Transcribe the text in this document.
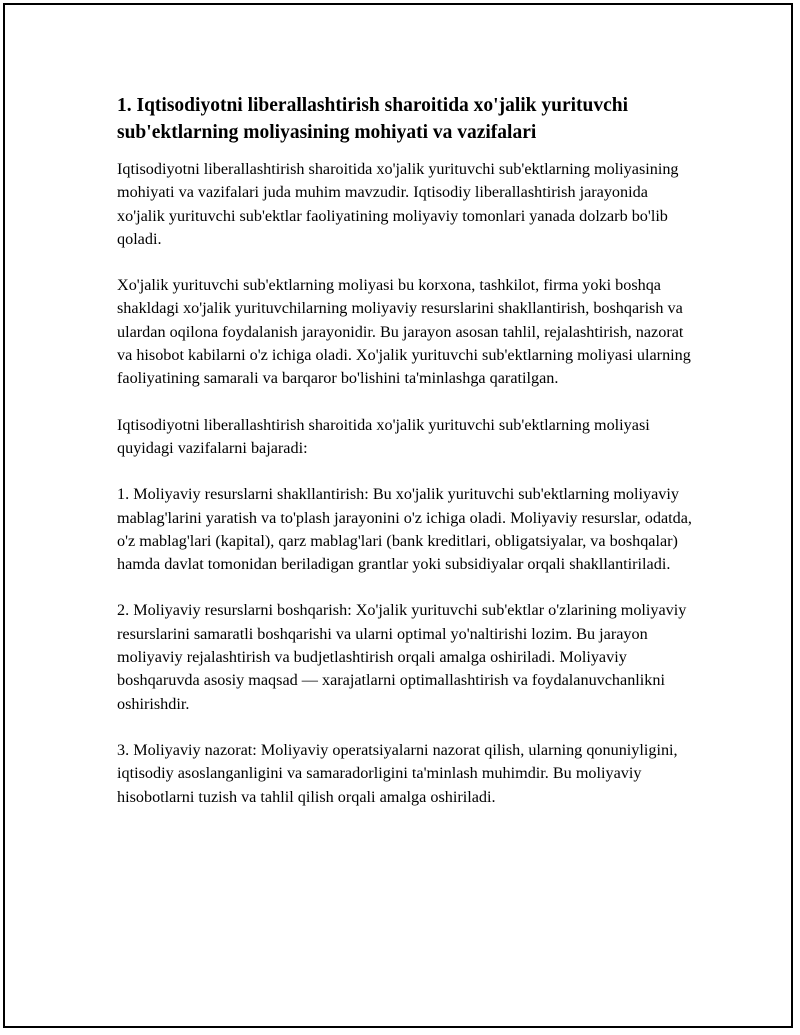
1. Iqtisodiyotni liberallashtirish sharoitida xo'jalik yurituvchi sub'ektlarning moliyasining mohiyati va vazifalari

Iqtisodiyotni liberallashtirish sharoitida xo'jalik yurituvchi sub'ektlarning moliyasining mohiyati va vazifalari juda muhim mavzudir. Iqtisodiy liberallashtirish jarayonida xo'jalik yurituvchi sub'ektlar faoliyatining moliyaviy tomonlari yanada dolzarb bo'lib qoladi.

Xo'jalik yurituvchi sub'ektlarning moliyasi bu korxona, tashkilot, firma yoki boshqa shakldagi xo'jalik yurituvchilarning moliyaviy resurslarini shakllantirish, boshqarish va ulardan oqilona foydalanish jarayonidir. Bu jarayon asosan tahlil, rejalashtirish, nazorat va hisobot kabilarni o'z ichiga oladi. Xo'jalik yurituvchi sub'ektlarning moliyasi ularning faoliyatining samarali va barqaror bo'lishini ta'minlashga qaratilgan.

Iqtisodiyotni liberallashtirish sharoitida xo'jalik yurituvchi sub'ektlarning moliyasi quyidagi vazifalarni bajaradi:

1. Moliyaviy resurslarni shakllantirish: Bu xo'jalik yurituvchi sub'ektlarning moliyaviy mablag'larini yaratish va to'plash jarayonini o'z ichiga oladi. Moliyaviy resurslar, odatda, o'z mablag'lari (kapital), qarz mablag'lari (bank kreditlari, obligatsiyalar, va boshqalar) hamda davlat tomonidan beriladigan grantlar yoki subsidiyalar orqali shakllantiriladi.

2. Moliyaviy resurslarni boshqarish: Xo'jalik yurituvchi sub'ektlar o'zlarining moliyaviy resurslarini samaratli boshqarishi va ularni optimal yo'naltirishi lozim. Bu jarayon moliyaviy rejalashtirish va budjetlashtirish orqali amalga oshiriladi. Moliyaviy boshqaruvda asosiy maqsad — xarajatlarni optimallashtirish va foydalanuvchanlikni oshirishdir.

3. Moliyaviy nazorat: Moliyaviy operatsiyalarni nazorat qilish, ularning qonuniyligini, iqtisodiy asoslanganligini va samaradorligini ta'minlash muhimdir. Bu moliyaviy hisobotlarni tuzish va tahlil qilish orqali amalga oshiriladi.
